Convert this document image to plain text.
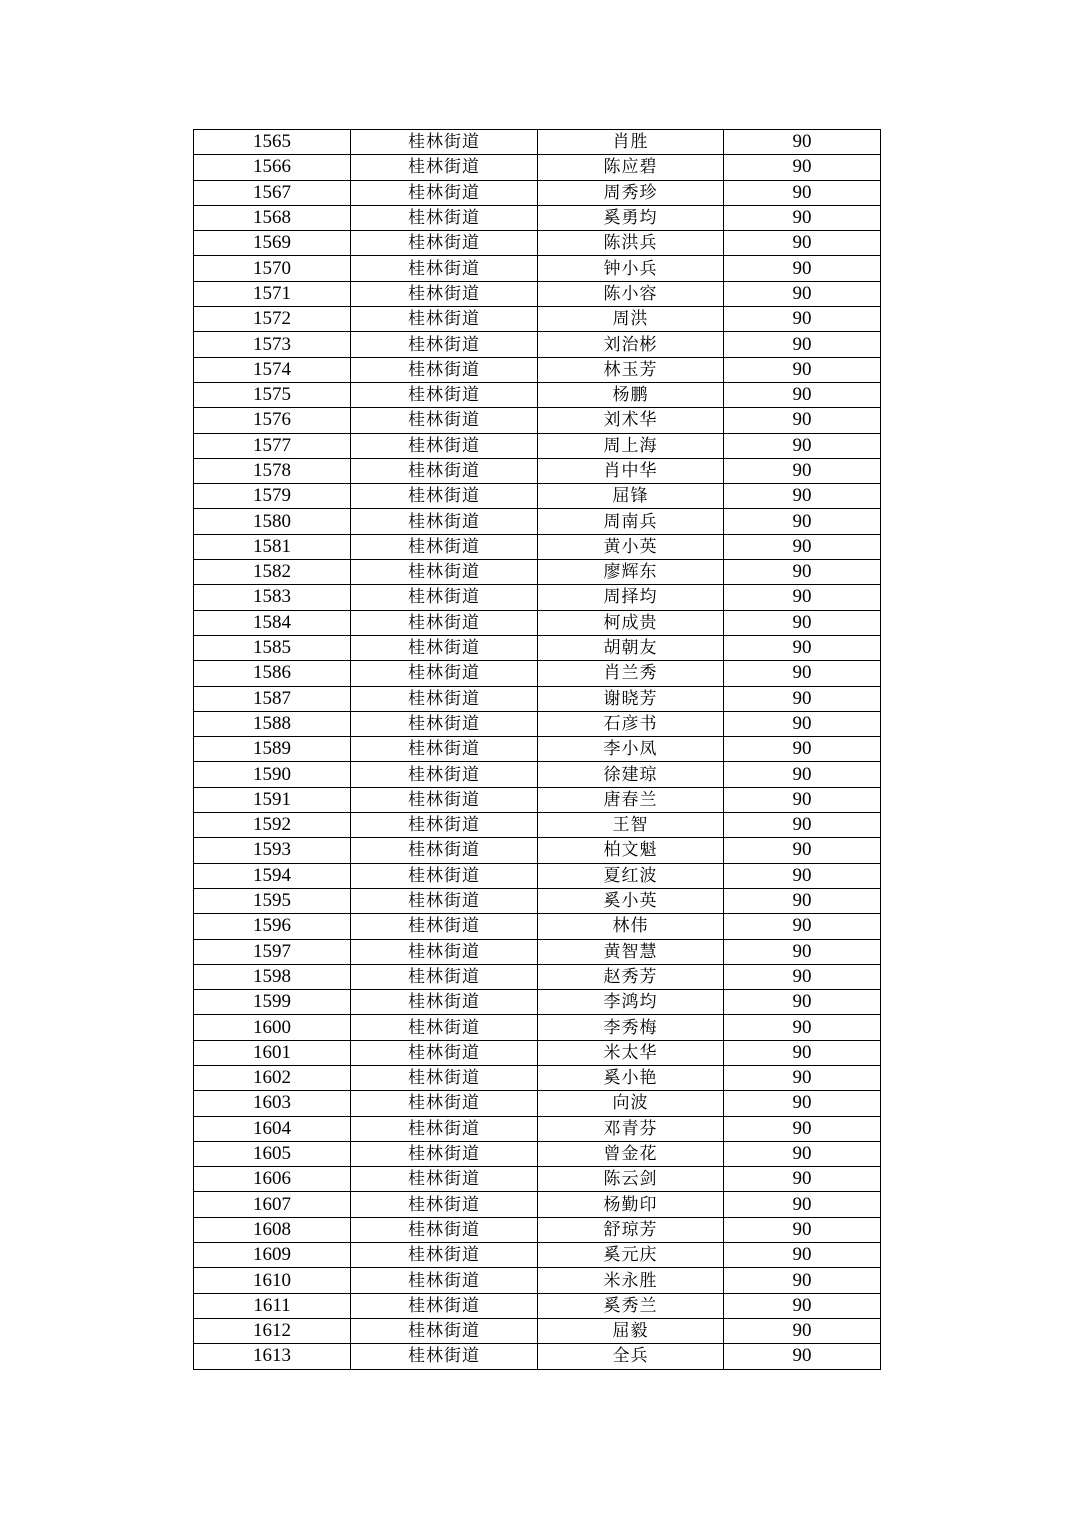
1565	桂林街道	肖胜	90
1566	桂林街道	陈应碧	90
1567	桂林街道	周秀珍	90
1568	桂林街道	奚勇均	90
1569	桂林街道	陈洪兵	90
1570	桂林街道	钟小兵	90
1571	桂林街道	陈小容	90
1572	桂林街道	周洪	90
1573	桂林街道	刘治彬	90
1574	桂林街道	林玉芳	90
1575	桂林街道	杨鹏	90
1576	桂林街道	刘术华	90
1577	桂林街道	周上海	90
1578	桂林街道	肖中华	90
1579	桂林街道	屈锋	90
1580	桂林街道	周南兵	90
1581	桂林街道	黄小英	90
1582	桂林街道	廖辉东	90
1583	桂林街道	周择均	90
1584	桂林街道	柯成贵	90
1585	桂林街道	胡朝友	90
1586	桂林街道	肖兰秀	90
1587	桂林街道	谢晓芳	90
1588	桂林街道	石彦书	90
1589	桂林街道	李小凤	90
1590	桂林街道	徐建琼	90
1591	桂林街道	唐春兰	90
1592	桂林街道	王智	90
1593	桂林街道	柏文魁	90
1594	桂林街道	夏红波	90
1595	桂林街道	奚小英	90
1596	桂林街道	林伟	90
1597	桂林街道	黄智慧	90
1598	桂林街道	赵秀芳	90
1599	桂林街道	李鸿均	90
1600	桂林街道	李秀梅	90
1601	桂林街道	米太华	90
1602	桂林街道	奚小艳	90
1603	桂林街道	向波	90
1604	桂林街道	邓青芬	90
1605	桂林街道	曾金花	90
1606	桂林街道	陈云剑	90
1607	桂林街道	杨勤印	90
1608	桂林街道	舒琼芳	90
1609	桂林街道	奚元庆	90
1610	桂林街道	米永胜	90
1611	桂林街道	奚秀兰	90
1612	桂林街道	屈毅	90
1613	桂林街道	全兵	90
